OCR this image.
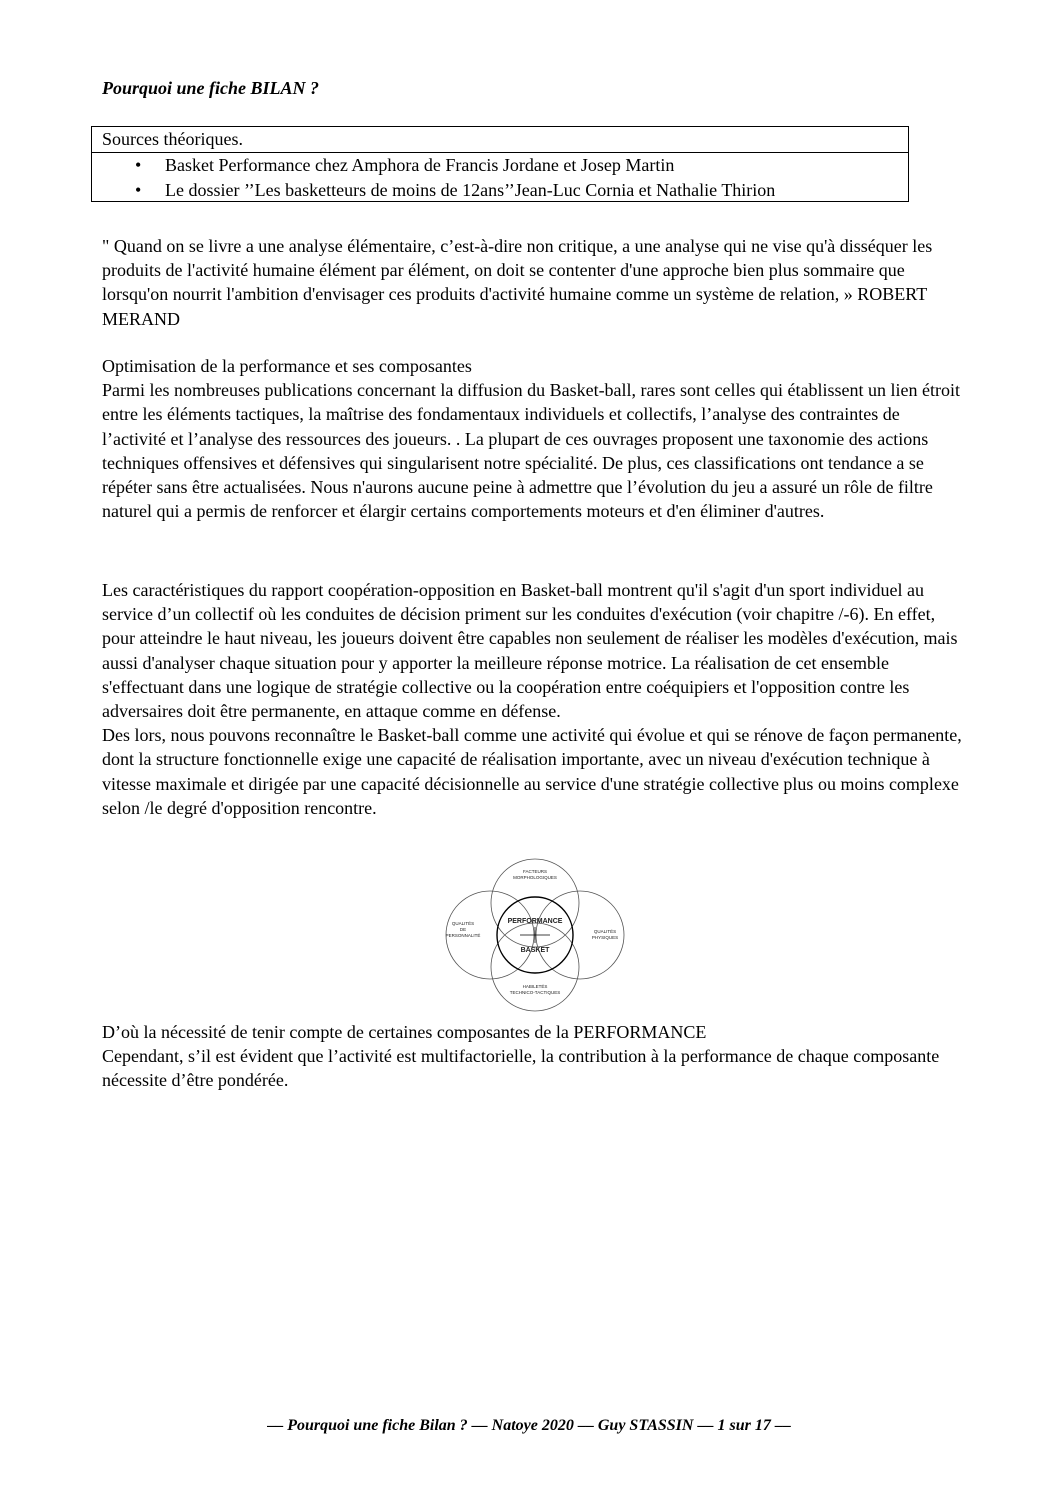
Pourquoi une fiche BILAN ?
Sources théoriques.
• Basket Performance chez Amphora de Francis Jordane et Josep Martin
• Le dossier ’’Les basketteurs de moins de 12ans’’Jean-Luc Cornia et Nathalie Thirion
" Quand on se livre a une analyse élémentaire, c’est-à-dire non critique, a une analyse qui ne vise qu'à disséquer les produits de l'activité humaine élément par élément, on doit se contenter d'une approche bien plus sommaire que lorsqu'on nourrit l'ambition d'envisager ces produits d'activité humaine comme un système de relation, » ROBERT MERAND
Optimisation de la performance et ses composantes
Parmi les nombreuses publications concernant la diffusion du Basket-ball, rares sont celles qui établissent un lien étroit entre les éléments tactiques, la maîtrise des fondamentaux individuels et collectifs, l’analyse des contraintes de l’activité et l’analyse des ressources des joueurs. . La plupart de ces ouvrages proposent une taxonomie des actions techniques offensives et défensives qui singularisent notre spécialité. De plus, ces classifications ont tendance a se répéter sans être actualisées. Nous n'aurons aucune peine à admettre que l’évolution du jeu a assuré un rôle de filtre naturel qui a permis de renforcer et élargir certains comportements moteurs et d'en éliminer d'autres.
Les caractéristiques du rapport coopération-opposition en Basket-ball montrent qu'il s'agit d'un sport individuel au service d’un collectif où les conduites de décision priment sur les conduites d'exécution (voir chapitre /-6). En effet, pour atteindre le haut niveau, les joueurs doivent être capables non seulement de réaliser les modèles d'exécution, mais aussi d'analyser chaque situation pour y apporter la meilleure réponse motrice. La réalisation de cet ensemble s'effectuant dans une logique de stratégie collective ou la coopération entre coéquipiers et l'opposition contre les adversaires doit être permanente, en attaque comme en défense.
Des lors, nous pouvons reconnaître le Basket-ball comme une activité qui évolue et qui se rénove de façon permanente, dont la structure fonctionnelle exige une capacité de réalisation importante, avec un niveau d'exécution technique à vitesse maximale et dirigée par une capacité décisionnelle au service d'une stratégie collective plus ou moins complexe selon /le degré d'opposition rencontre.
PERFORMANCE
BASKET
FACTEURS
MORPHOLOGIQUES
QUALITÉS
DE
PERSONNALITÉ
QUALITÉS
PHYSIQUES
HABILETÉS
TECHNICO-TACTIQUES
D’où la nécessité de tenir compte de certaines composantes de la PERFORMANCE
Cependant, s’il est évident que l’activité est multifactorielle, la contribution à la performance de chaque composante nécessite d’être pondérée.
–– Pourquoi une fiche Bilan ? –– Natoye 2020 –– Guy STASSIN –– 1 sur 17 ––
